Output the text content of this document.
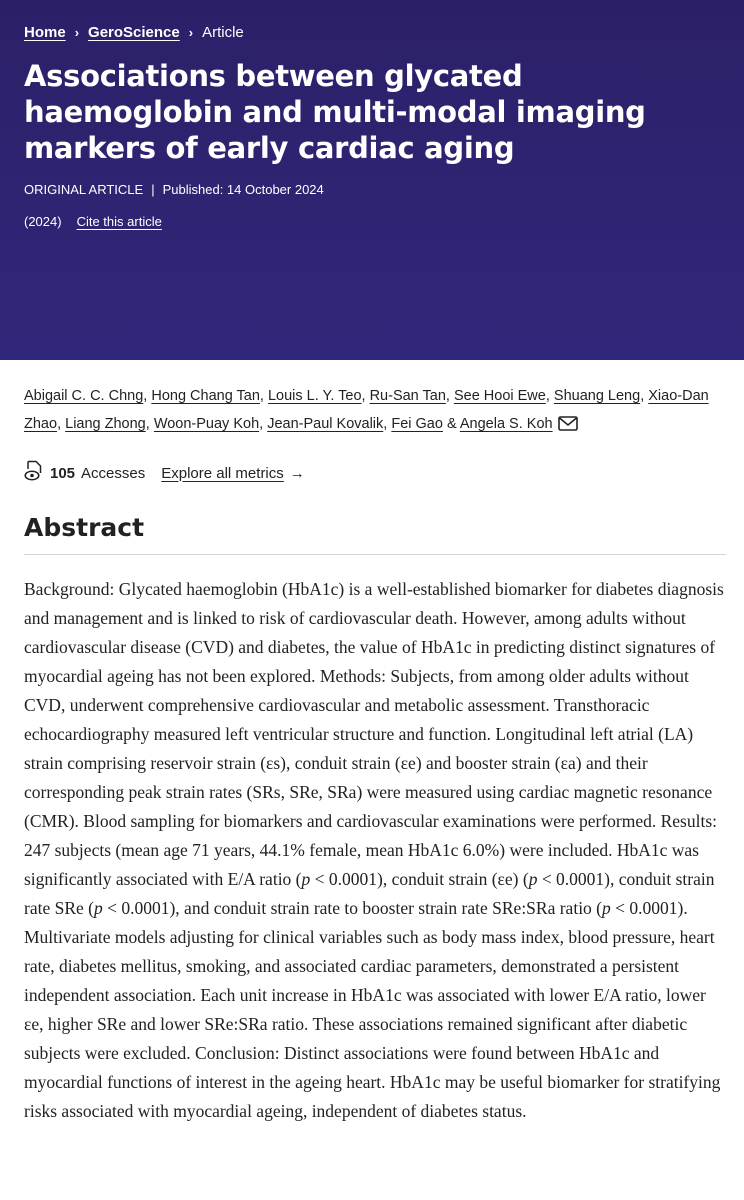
Home › GeroScience › Article
Associations between glycated haemoglobin and multi-modal imaging markers of early cardiac aging
ORIGINAL ARTICLE | Published: 14 October 2024
(2024) Cite this article
Abigail C. C. Chng, Hong Chang Tan, Louis L. Y. Teo, Ru-San Tan, See Hooi Ewe, Shuang Leng, Xiao-Dan Zhao, Liang Zhong, Woon-Puay Koh, Jean-Paul Kovalik, Fei Gao & Angela S. Koh
105 Accesses Explore all metrics →
Abstract

Background: Glycated haemoglobin (HbA1c) is a well-established biomarker for diabetes diagnosis and management and is linked to risk of cardiovascular death. However, among adults without cardiovascular disease (CVD) and diabetes, the value of HbA1c in predicting distinct signatures of myocardial ageing has not been explored. Methods: Subjects, from among older adults without CVD, underwent comprehensive cardiovascular and metabolic assessment. Transthoracic echocardiography measured left ventricular structure and function. Longitudinal left atrial (LA) strain comprising reservoir strain (εs), conduit strain (εe) and booster strain (εa) and their corresponding peak strain rates (SRs, SRe, SRa) were measured using cardiac magnetic resonance (CMR). Blood sampling for biomarkers and cardiovascular examinations were performed. Results: 247 subjects (mean age 71 years, 44.1% female, mean HbA1c 6.0%) were included. HbA1c was significantly associated with E/A ratio (p < 0.0001), conduit strain (εe) (p < 0.0001), conduit strain rate SRe (p < 0.0001), and conduit strain rate to booster strain rate SRe:SRa ratio (p < 0.0001). Multivariate models adjusting for clinical variables such as body mass index, blood pressure, heart rate, diabetes mellitus, smoking, and associated cardiac parameters, demonstrated a persistent independent association. Each unit increase in HbA1c was associated with lower E/A ratio, lower εe, higher SRe and lower SRe:SRa ratio. These associations remained significant after diabetic subjects were excluded. Conclusion: Distinct associations were found between HbA1c and myocardial functions of interest in the ageing heart. HbA1c may be useful biomarker for stratifying risks associated with myocardial ageing, independent of diabetes status.
